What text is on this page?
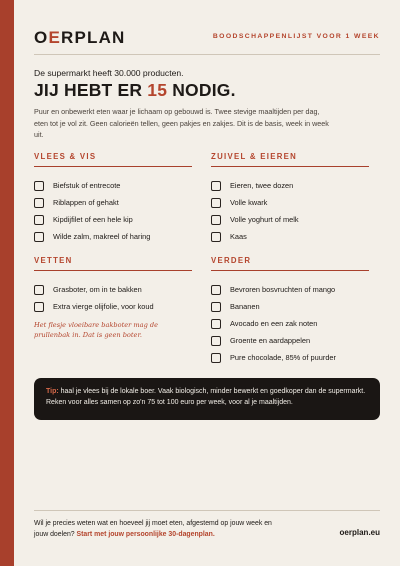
OERPLAN	BOODSCHAPPENLIJST VOOR 1 WEEK
De supermarkt heeft 30.000 producten.
JIJ HEBT ER 15 NODIG.
Puur en onbewerkt eten waar je lichaam op gebouwd is. Twee stevige maaltijden per dag, eten tot je vol zit. Geen calorieën tellen, geen pakjes en zakjes. Dit is de basis, week in week uit.
VLEES & VIS
Biefstuk of entrecote
Riblappen of gehakt
Kipdijfilet of een hele kip
Wilde zalm, makreel of haring
ZUIVEL & EIEREN
Eieren, twee dozen
Volle kwark
Volle yoghurt of melk
Kaas
VETTEN
Grasboter, om in te bakken
Extra vierge olijfolie, voor koud
Het flesje vloeibare bakboter mag de prullenbak in. Dat is geen boter.
VERDER
Bevroren bosvruchten of mango
Bananen
Avocado en een zak noten
Groente en aardappelen
Pure chocolade, 85% of puurder
Tip: haal je vlees bij de lokale boer. Vaak biologisch, minder bewerkt en goedkoper dan de supermarkt. Reken voor alles samen op zo'n 75 tot 100 euro per week, voor al je maaltijden.
Wil je precies weten wat en hoeveel jij moet eten, afgestemd op jouw week en jouw doelen? Start met jouw persoonlijke 30-dagenplan.	oerplan.eu
